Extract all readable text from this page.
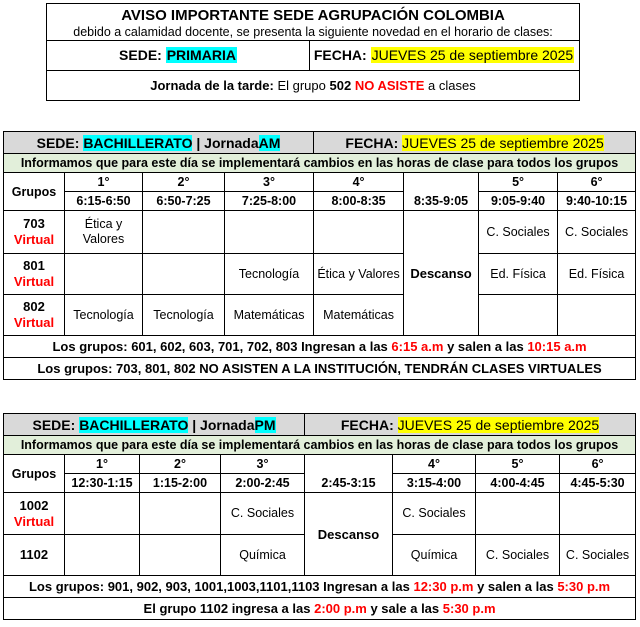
AVISO IMPORTANTE SEDE AGRUPACIÓN COLOMBIA
debido a calamidad docente, se presenta la siguiente novedad en el horario de clases:
SEDE: PRIMARIA	FECHA: JUEVES 25 de septiembre 2025
Jornada de la tarde: El grupo 502 NO ASISTE a clases
SEDE: BACHILLERATO | JornadaAM				FECHA: JUEVES 25 de septiembre 2025			
Informamos que para este día se implementará cambios en las horas de clase para todos los grupos							
Grupos	1°	2°	3°	4°		5°	6°
	6:15-6:50	6:50-7:25	7:25-8:00	8:00-8:35	8:35-9:05	9:05-9:40	9:40-10:15

703
Virtual	Ética y Valores				Descanso	C. Sociales	C. Sociales

801
Virtual			Tecnología	Ética y Valores		Ed. Física	Ed. Física

802
Virtual	Tecnología	Tecnología	Matemáticas	Matemáticas			
Los grupos: 601, 602, 603, 701, 702, 803 Ingresan a las 6:15 a.m y salen a las 10:15 a.m							
Los grupos: 703, 801, 802 NO ASISTEN A LA INSTITUCIÓN, TENDRÁN CLASES VIRTUALES							
SEDE: BACHILLERATO | JornadaPM				FECHA: JUEVES 25 de septiembre 2025			
Informamos que para este día se implementará cambios en las horas de clase para todos los grupos							
Grupos	1°	2°	3°		4°	5°	6°
	12:30-1:15	1:15-2:00	2:00-2:45	2:45-3:15	3:15-4:00	4:00-4:45	4:45-5:30

1002
Virtual			C. Sociales	Descanso	C. Sociales		

1102			Química		Química	C. Sociales	C. Sociales
Los grupos: 901, 902, 903, 1001,1003,1101,1103 Ingresan a las 12:30 p.m y salen a las 5:30 p.m							
El grupo 1102 ingresa a las 2:00 p.m y sale a las 5:30 p.m							
